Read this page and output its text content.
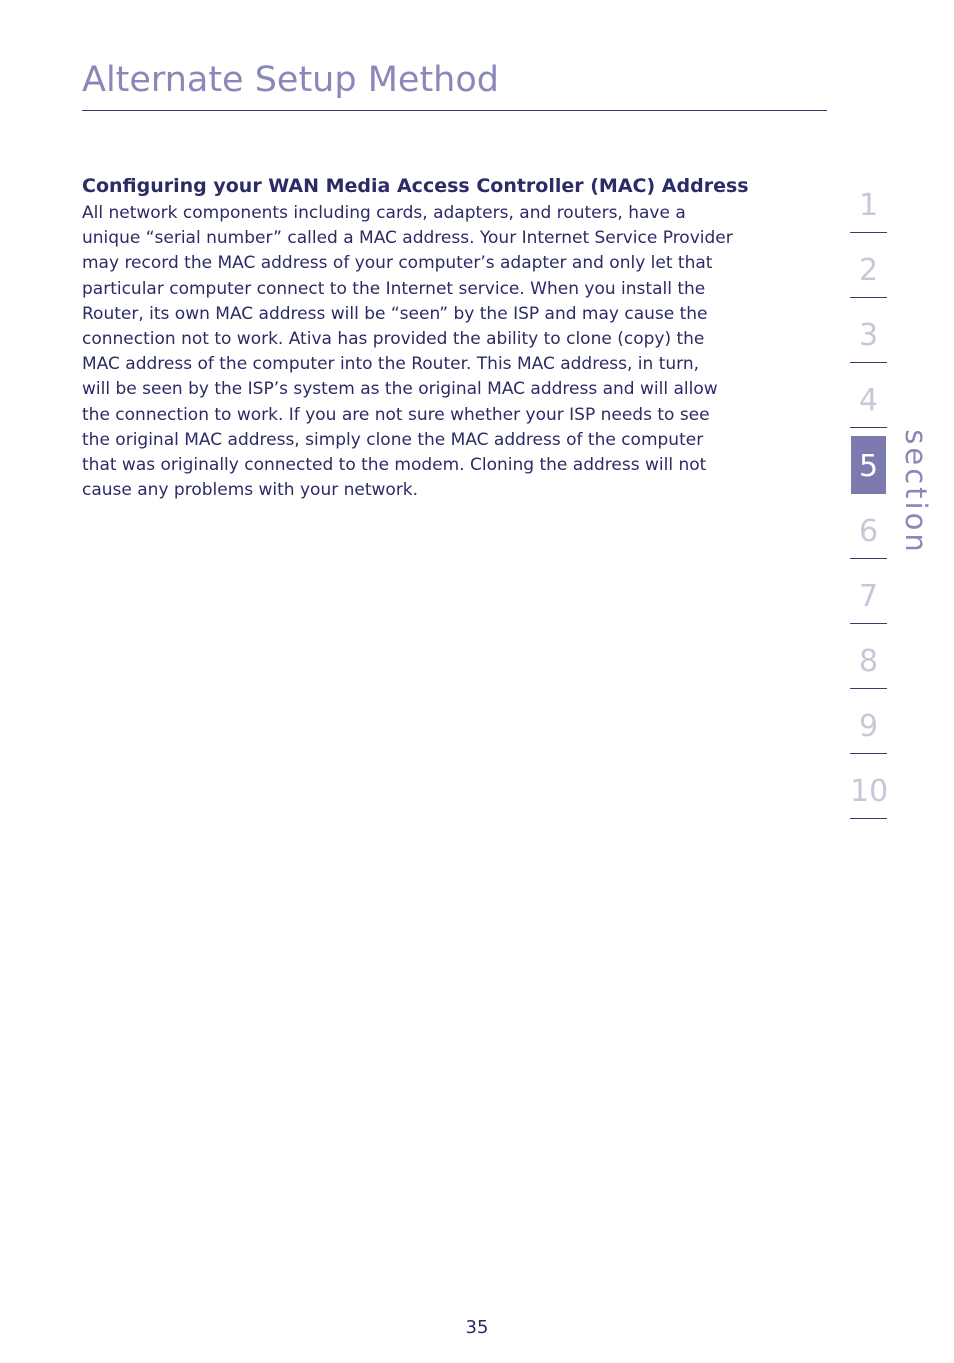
Alternate Setup Method
Configuring your WAN Media Access Controller (MAC) Address
All network components including cards, adapters, and routers, have a
unique “serial number” called a MAC address. Your Internet Service Provider
may record the MAC address of your computer’s adapter and only let that
particular computer connect to the Internet service. When you install the
Router, its own MAC address will be “seen” by the ISP and may cause the
connection not to work. Ativa has provided the ability to clone (copy) the
MAC address of the computer into the Router. This MAC address, in turn,
will be seen by the ISP’s system as the original MAC address and will allow
the connection to work. If you are not sure whether your ISP needs to see
the original MAC address, simply clone the MAC address of the computer
that was originally connected to the modem. Cloning the address will not
cause any problems with your network.
1
2
3
4
5
6
7
8
9
10
section
35
